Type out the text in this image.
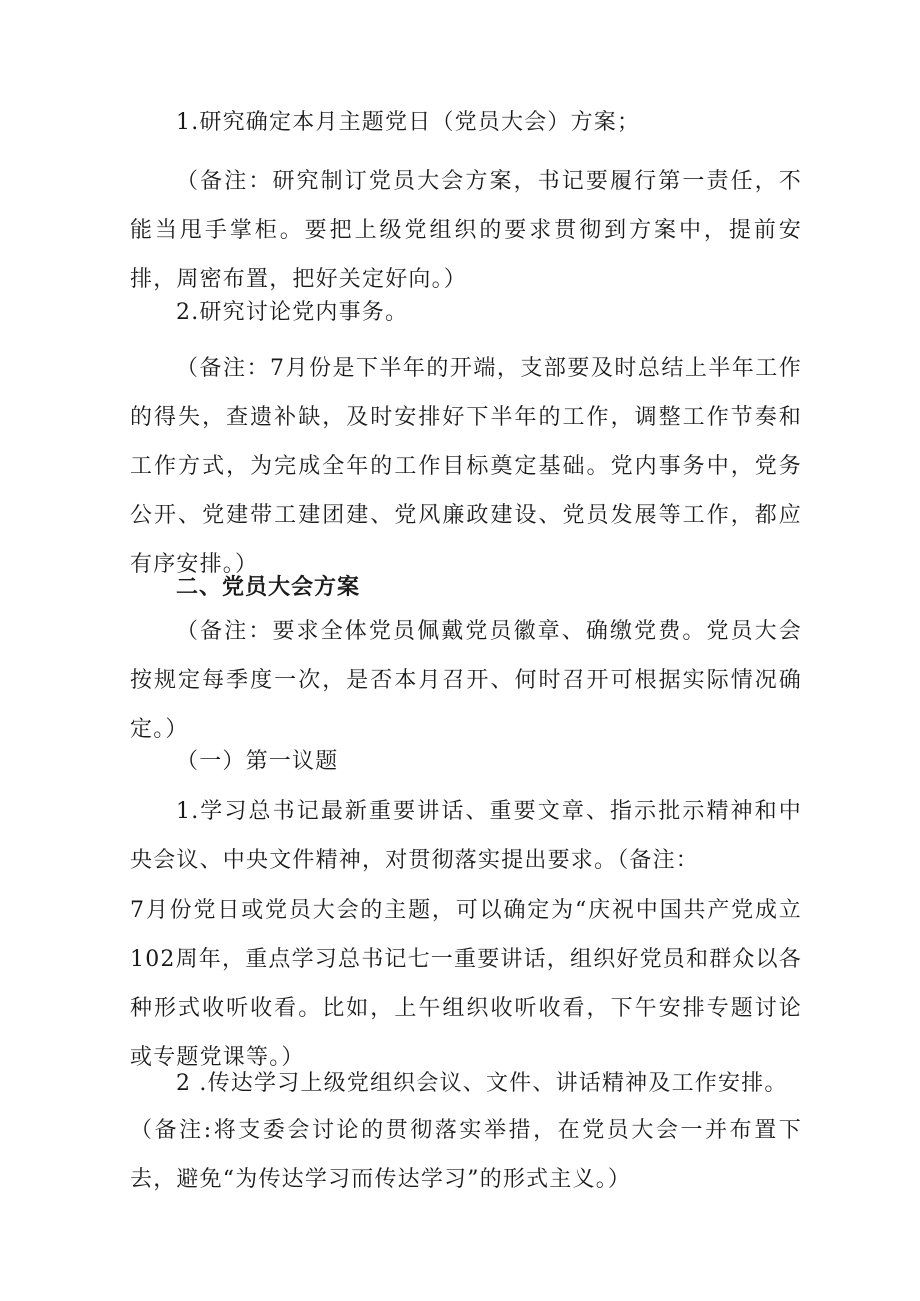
1.研究确定本月主题党日（党员大会）方案；

（备注：研究制订党员大会方案，书记要履行第一责任，不能当甩手掌柜。要把上级党组织的要求贯彻到方案中，提前安排，周密布置，把好关定好向。）

2.研究讨论党内事务。

（备注：7月份是下半年的开端，支部要及时总结上半年工作的得失，查遗补缺，及时安排好下半年的工作，调整工作节奏和工作方式，为完成全年的工作目标奠定基础。党内事务中，党务公开、党建带工建团建、党风廉政建设、党员发展等工作，都应有序安排。）

二、党员大会方案

（备注：要求全体党员佩戴党员徽章、确缴党费。党员大会按规定每季度一次，是否本月召开、何时召开可根据实际情况确定。）

（一）第一议题

1.学习总书记最新重要讲话、重要文章、指示批示精神和中央会议、中央文件精神，对贯彻落实提出要求。（备注：

7月份党日或党员大会的主题，可以确定为“庆祝中国共产党成立102周年，重点学习总书记七一重要讲话，组织好党员和群众以各种形式收听收看。比如，上午组织收听收看，下午安排专题讨论或专题党课等。）

2 .传达学习上级党组织会议、文件、讲话精神及工作安排。

（备注:将支委会讨论的贯彻落实举措，在党员大会一并布置下去，避免“为传达学习而传达学习”的形式主义。）
